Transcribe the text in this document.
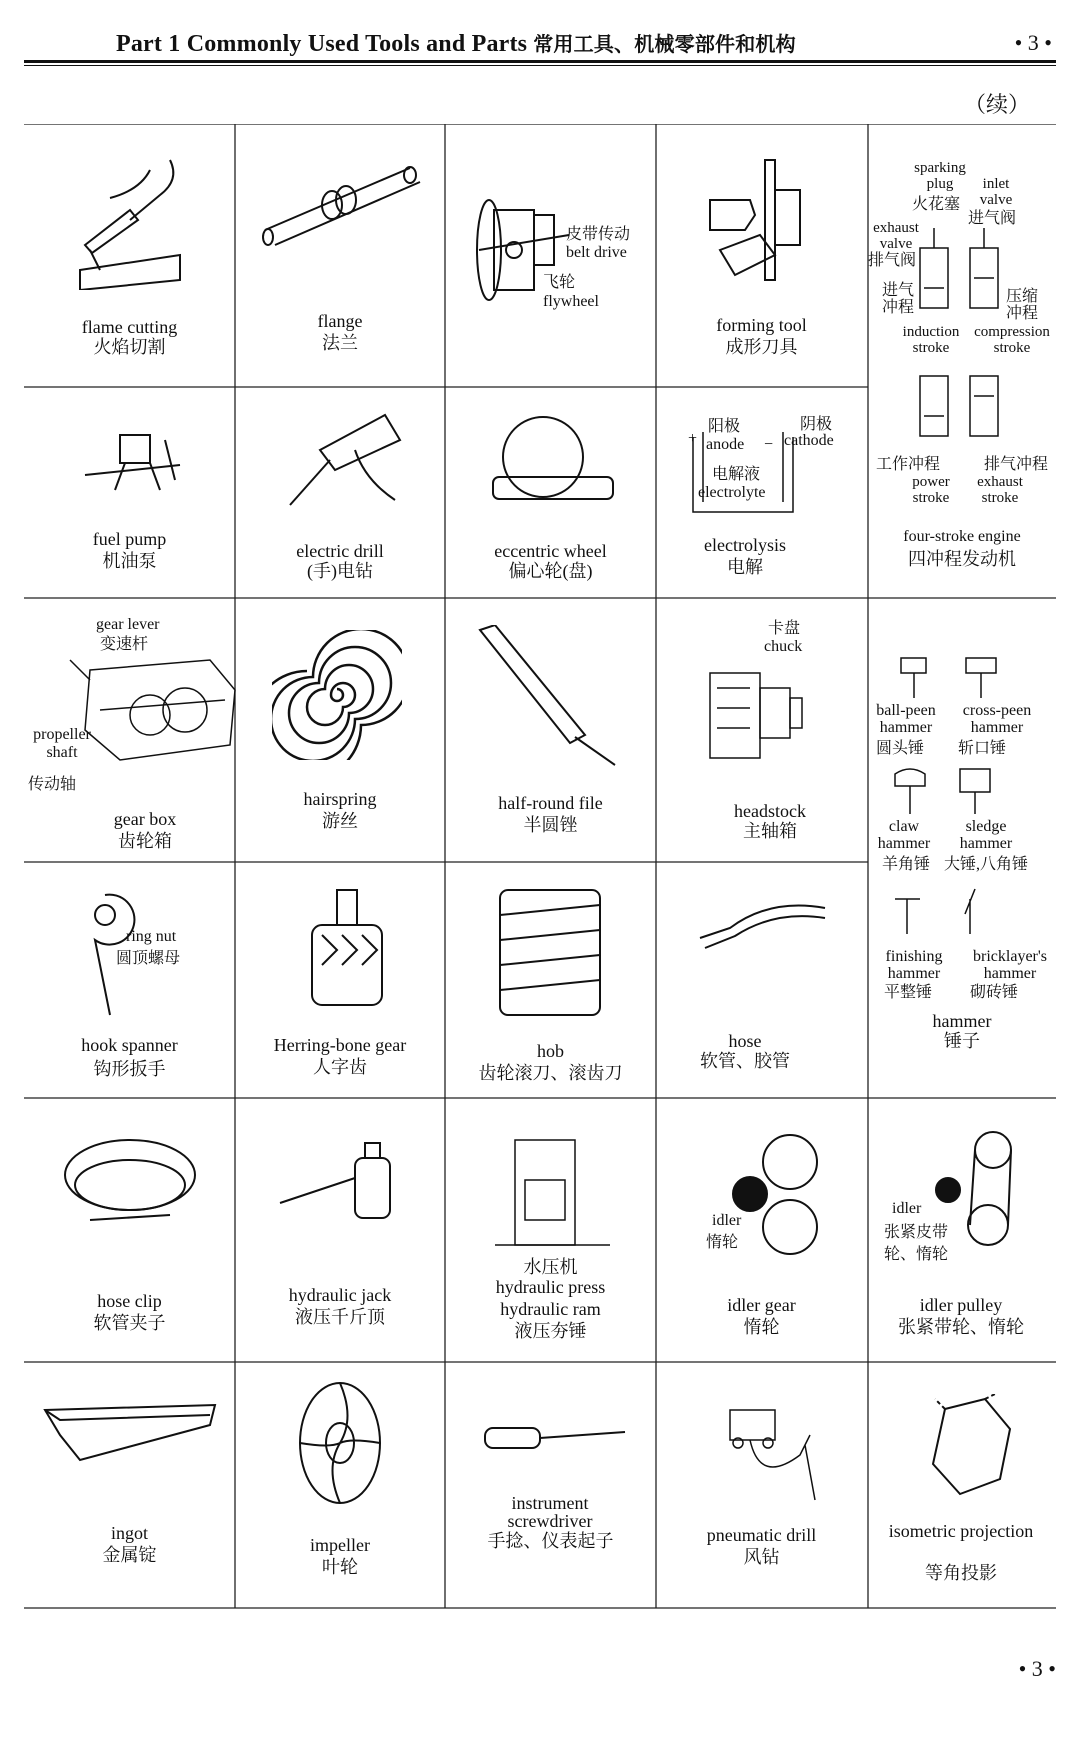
Part 1 Commonly Used Tools and Parts 常用工具、机械零部件和机构	• 3 •
（续）
flame cutting
火焰切割
flange
法兰
皮带传动
belt drive
飞轮
flywheel
forming tool
成形刀具
sparking plug
火花塞
inlet valve
进气阀
exhaust valve
排气阀
进气冲程
induction stroke
压缩冲程
compression stroke
工作冲程
power stroke
排气冲程
exhaust stroke
four-stroke engine
四冲程发动机
fuel pump
机油泵	electric drill
(手)电钻
eccentric wheel
偏心轮(盘)
阳极
anode
+	−
阴极
cathode
电解液
electrolyte
electrolysis
电解
gear lever
变速杆
propeller shaft
传动轴
gear box
齿轮箱
hairspring
游丝
half-round file
半圆锉
卡盘
chuck
headstock
主轴箱
ball-peen hammer
圆头锤
cross-peen hammer
斩口锤
claw hammer
羊角锤
sledge hammer
大锤,八角锤
finishing hammer
平整锤
bricklayer's hammer
砌砖锤
hammer
锤子
ring nut
圆顶螺母
hook spanner
钩形扳手
Herring-bone gear
人字齿
hob
齿轮滚刀、滚齿刀
hose
软管、胶管
hose clip
软管夹子
hydraulic jack
液压千斤顶
水压机
hydraulic press
hydraulic ram
液压夯锤
idler
惰轮
idler gear
惰轮
idler
张紧皮带轮、惰轮
idler pulley
张紧带轮、惰轮
ingot
金属锭	impeller
叶轮
instrument screwdriver
手捻、仪表起子	pneumatic drill
风钻
isometric projection
等角投影
• 3 •
